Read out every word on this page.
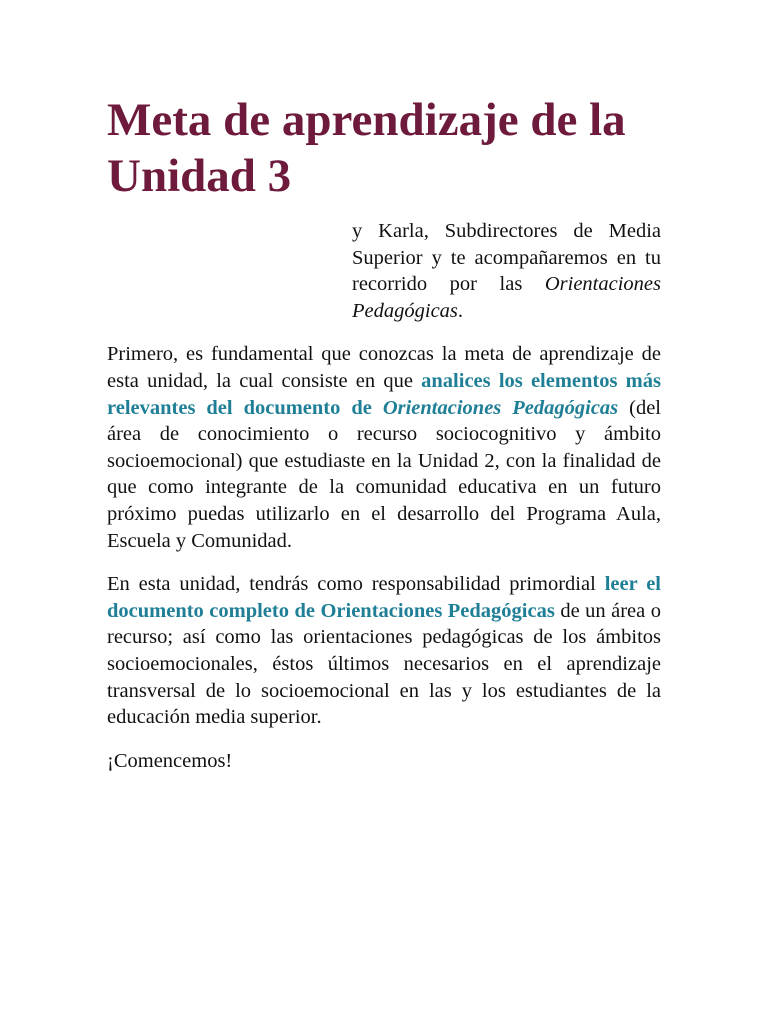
Meta de aprendizaje de la Unidad 3

y Karla, Subdirectores de Media Superior y te acompañaremos en tu recorrido por las Orientaciones Pedagógicas.

Primero, es fundamental que conozcas la meta de aprendizaje de esta unidad, la cual consiste en que analices los elementos más relevantes del documento de Orientaciones Pedagógicas (del área de conocimiento o recurso sociocognitivo y ámbito socioemocional) que estudiaste en la Unidad 2, con la finalidad de que como integrante de la comunidad educativa en un futuro próximo puedas utilizarlo en el desarrollo del Programa Aula, Escuela y Comunidad.

En esta unidad, tendrás como responsabilidad primordial leer el documento completo de Orientaciones Pedagógicas de un área o recurso; así como las orientaciones pedagógicas de los ámbitos socioemocionales, éstos últimos necesarios en el aprendizaje transversal de lo socioemocional en las y los estudiantes de la educación media superior.

¡Comencemos!
